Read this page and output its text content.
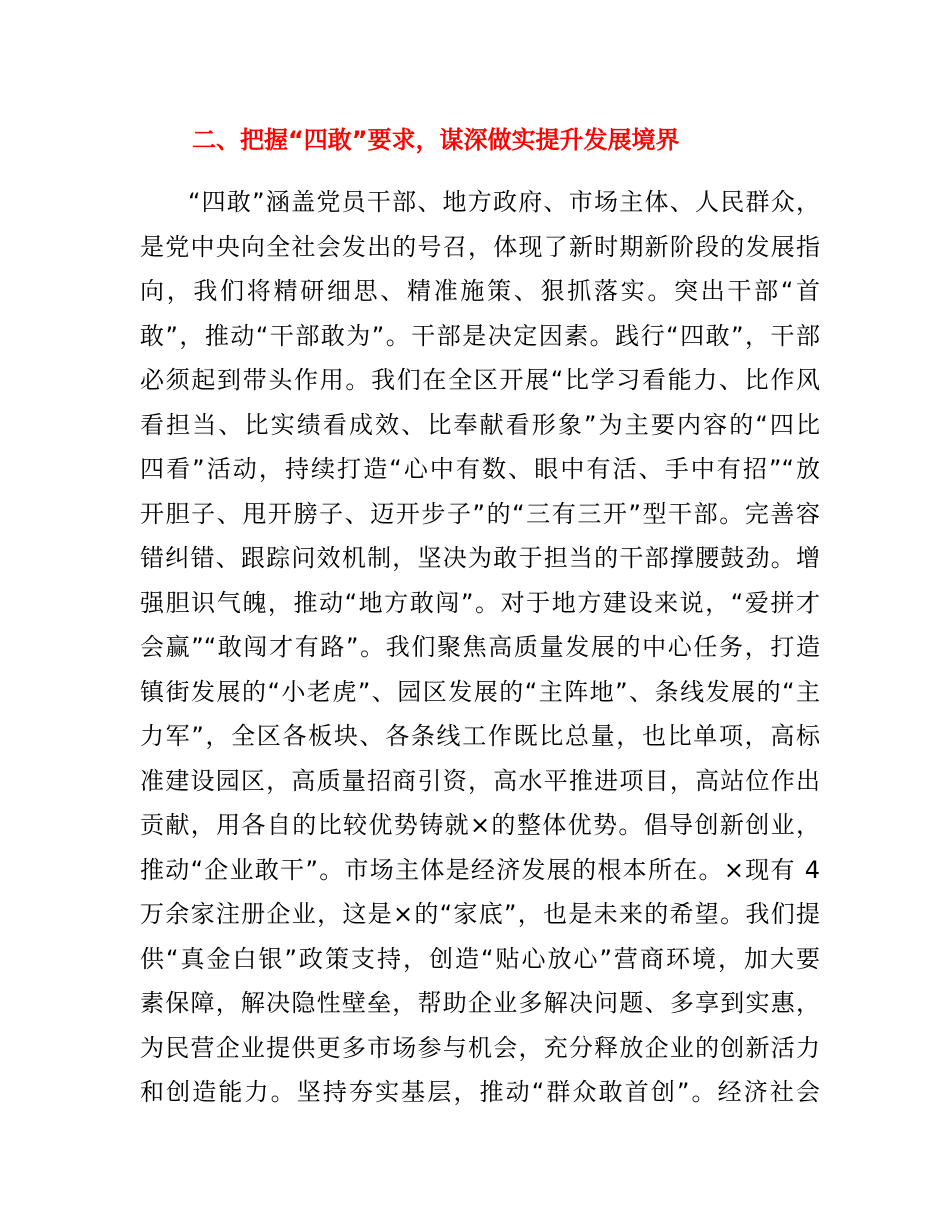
二、把握“四敢”要求，谋深做实提升发展境界
“四敢”涵盖党员干部、地方政府、市场主体、人民群众，
是党中央向全社会发出的号召，体现了新时期新阶段的发展指
向，我们将精研细思、精准施策、狠抓落实。突出干部“首
敢”，推动“干部敢为”。干部是决定因素。践行“四敢”，干部
必须起到带头作用。我们在全区开展“比学习看能力、比作风
看担当、比实绩看成效、比奉献看形象”为主要内容的“四比
四看”活动，持续打造“心中有数、眼中有活、手中有招”“放
开胆子、甩开膀子、迈开步子”的“三有三开”型干部。完善容
错纠错、跟踪问效机制，坚决为敢于担当的干部撑腰鼓劲。增
强胆识气魄，推动“地方敢闯”。对于地方建设来说，“爱拼才
会赢”“敢闯才有路”。我们聚焦高质量发展的中心任务，打造
镇街发展的“小老虎”、园区发展的“主阵地”、条线发展的“主
力军”，全区各板块、各条线工作既比总量，也比单项，高标
准建设园区，高质量招商引资，高水平推进项目，高站位作出
贡献，用各自的比较优势铸就×的整体优势。倡导创新创业，
推动“企业敢干”。市场主体是经济发展的根本所在。×现有 4
万余家注册企业，这是×的“家底”，也是未来的希望。我们提
供“真金白银”政策支持，创造“贴心放心”营商环境，加大要
素保障，解决隐性壁垒，帮助企业多解决问题、多享到实惠，
为民营企业提供更多市场参与机会，充分释放企业的创新活力
和创造能力。坚持夯实基层，推动“群众敢首创”。经济社会
